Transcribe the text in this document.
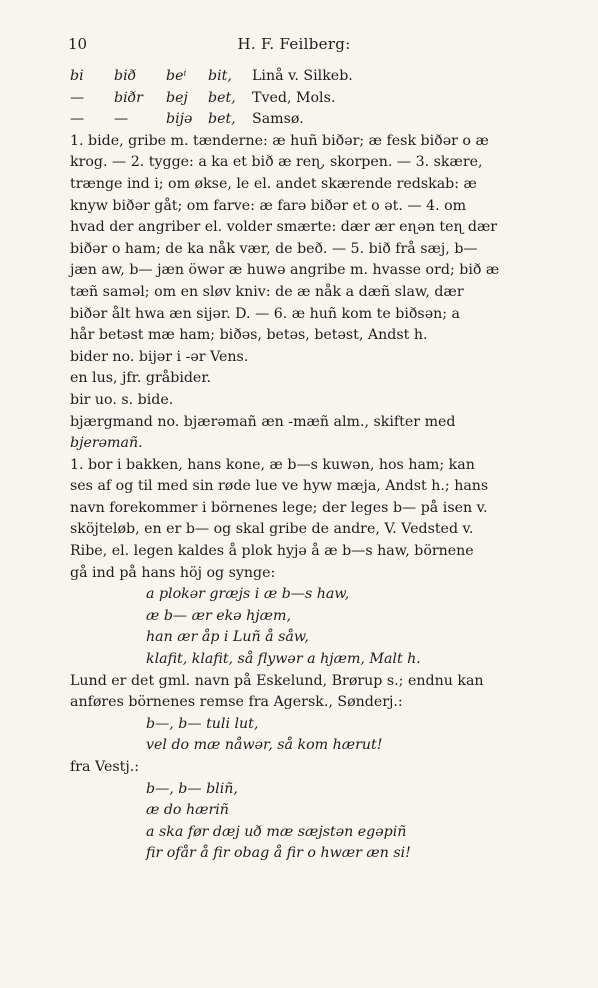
10	H. F. Feilberg:
bi	bið	beⁱ	bit,	Linå v. Silkeb.
—	biðr	bej	bet,	Tved, Mols.
—	—	bijə	bet,	Samsø.
1. bide, gribe m. tænderne: æ huñ biðər; æ fesk biðər o æ
krog. — 2. tygge: a ka et bið æ reɳ, skorpen. — 3. skære,
trænge ind i; om økse, le el. andet skærende redskab: æ
knyw biðər gåt; om farve: æ farə biðər et o ət. — 4. om
hvad der angriber el. volder smærte: dær ær eɳən teɳ dær
biðər o ham; de ka nåk vær, de beð. — 5. bið frå sæj, b—
jæn aw, b— jæn öwər æ huwə angribe m. hvasse ord; bið æ
tæñ saməl; om en sløv kniv: de æ nåk a dæñ slaw, dær
biðər ålt hwa æn sijər. D. — 6. æ huñ kom te biðsən; a
hår betəst mæ ham; biðəs, betəs, betəst, Andst h.
bider no. bijər i -ər Vens.
en lus, jfr. gråbider.
bir uo. s. bide.
bjærgmand no. bjærəmañ æn -mæñ alm., skifter med
bjerəmañ.
1. bor i bakken, hans kone, æ b—s kuwən, hos ham; kan
ses af og til med sin røde lue ve hyw mæja, Andst h.; hans
navn forekommer i börnenes lege; der leges b— på isen v.
sköjteløb, en er b— og skal gribe de andre, V. Vedsted v.
Ribe, el. legen kaldes å plok hyjə å æ b—s haw, börnene
gå ind på hans höj og synge:
a plokər græjs i æ b—s haw,
æ b— ær ekə hjæm,
han ær åp i Luñ å såw,
klafit, klafit, så flywər a hjæm, Malt h.
Lund er det gml. navn på Eskelund, Brørup s.; endnu kan
anføres börnenes remse fra Agersk., Sønderj.:
b—, b— tuli lut,
vel do mæ nåwər, så kom hærut!
fra Vestj.:
b—, b— bliñ,
æ do hæriñ
a ska før dæj uð mæ sæjstən egəpiñ
fir ofår å fir obag å fir o hwær æn si!
